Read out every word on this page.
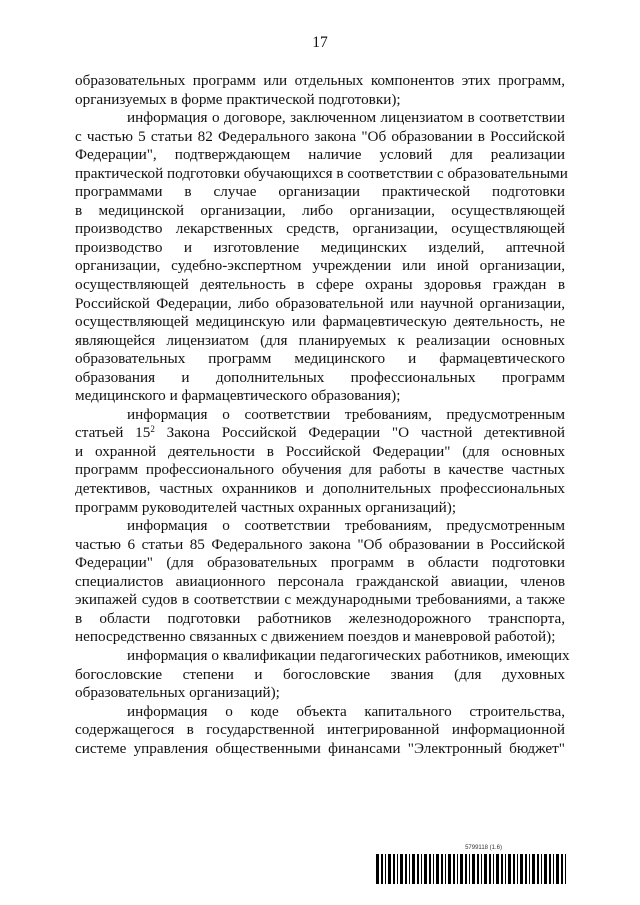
17
образовательных программ или отдельных компонентов этих программ,
организуемых в форме практической подготовки);
информация о договоре, заключенном лицензиатом в соответствии
с частью 5 статьи 82 Федерального закона "Об образовании в Российской
Федерации", подтверждающем наличие условий для реализации
практической подготовки обучающихся в соответствии с образовательными
программами в случае организации практической подготовки
в медицинской организации, либо организации, осуществляющей
производство лекарственных средств, организации, осуществляющей
производство и изготовление медицинских изделий, аптечной
организации, судебно-экспертном учреждении или иной организации,
осуществляющей деятельность в сфере охраны здоровья граждан в
Российской Федерации, либо образовательной или научной организации,
осуществляющей медицинскую или фармацевтическую деятельность, не
являющейся лицензиатом (для планируемых к реализации основных
образовательных программ медицинского и фармацевтического
образования и дополнительных профессиональных программ
медицинского и фармацевтического образования);
информация о соответствии требованиям, предусмотренным
статьей $15^2$ Закона Российской Федерации "О частной детективной
и охранной деятельности в Российской Федерации" (для основных
программ профессионального обучения для работы в качестве частных
детективов, частных охранников и дополнительных профессиональных
программ руководителей частных охранных организаций);
информация о соответствии требованиям, предусмотренным
частью 6 статьи 85 Федерального закона "Об образовании в Российской
Федерации" (для образовательных программ в области подготовки
специалистов авиационного персонала гражданской авиации, членов
экипажей судов в соответствии с международными требованиями, а также
в области подготовки работников железнодорожного транспорта,
непосредственно связанных с движением поездов и маневровой работой);
информация о квалификации педагогических работников, имеющих
богословские степени и богословские звания (для духовных
образовательных организаций);
информация о коде объекта капитального строительства,
содержащегося в государственной интегрированной информационной
системе управления общественными финансами "Электронный бюджет"
5799118 (1.6)
